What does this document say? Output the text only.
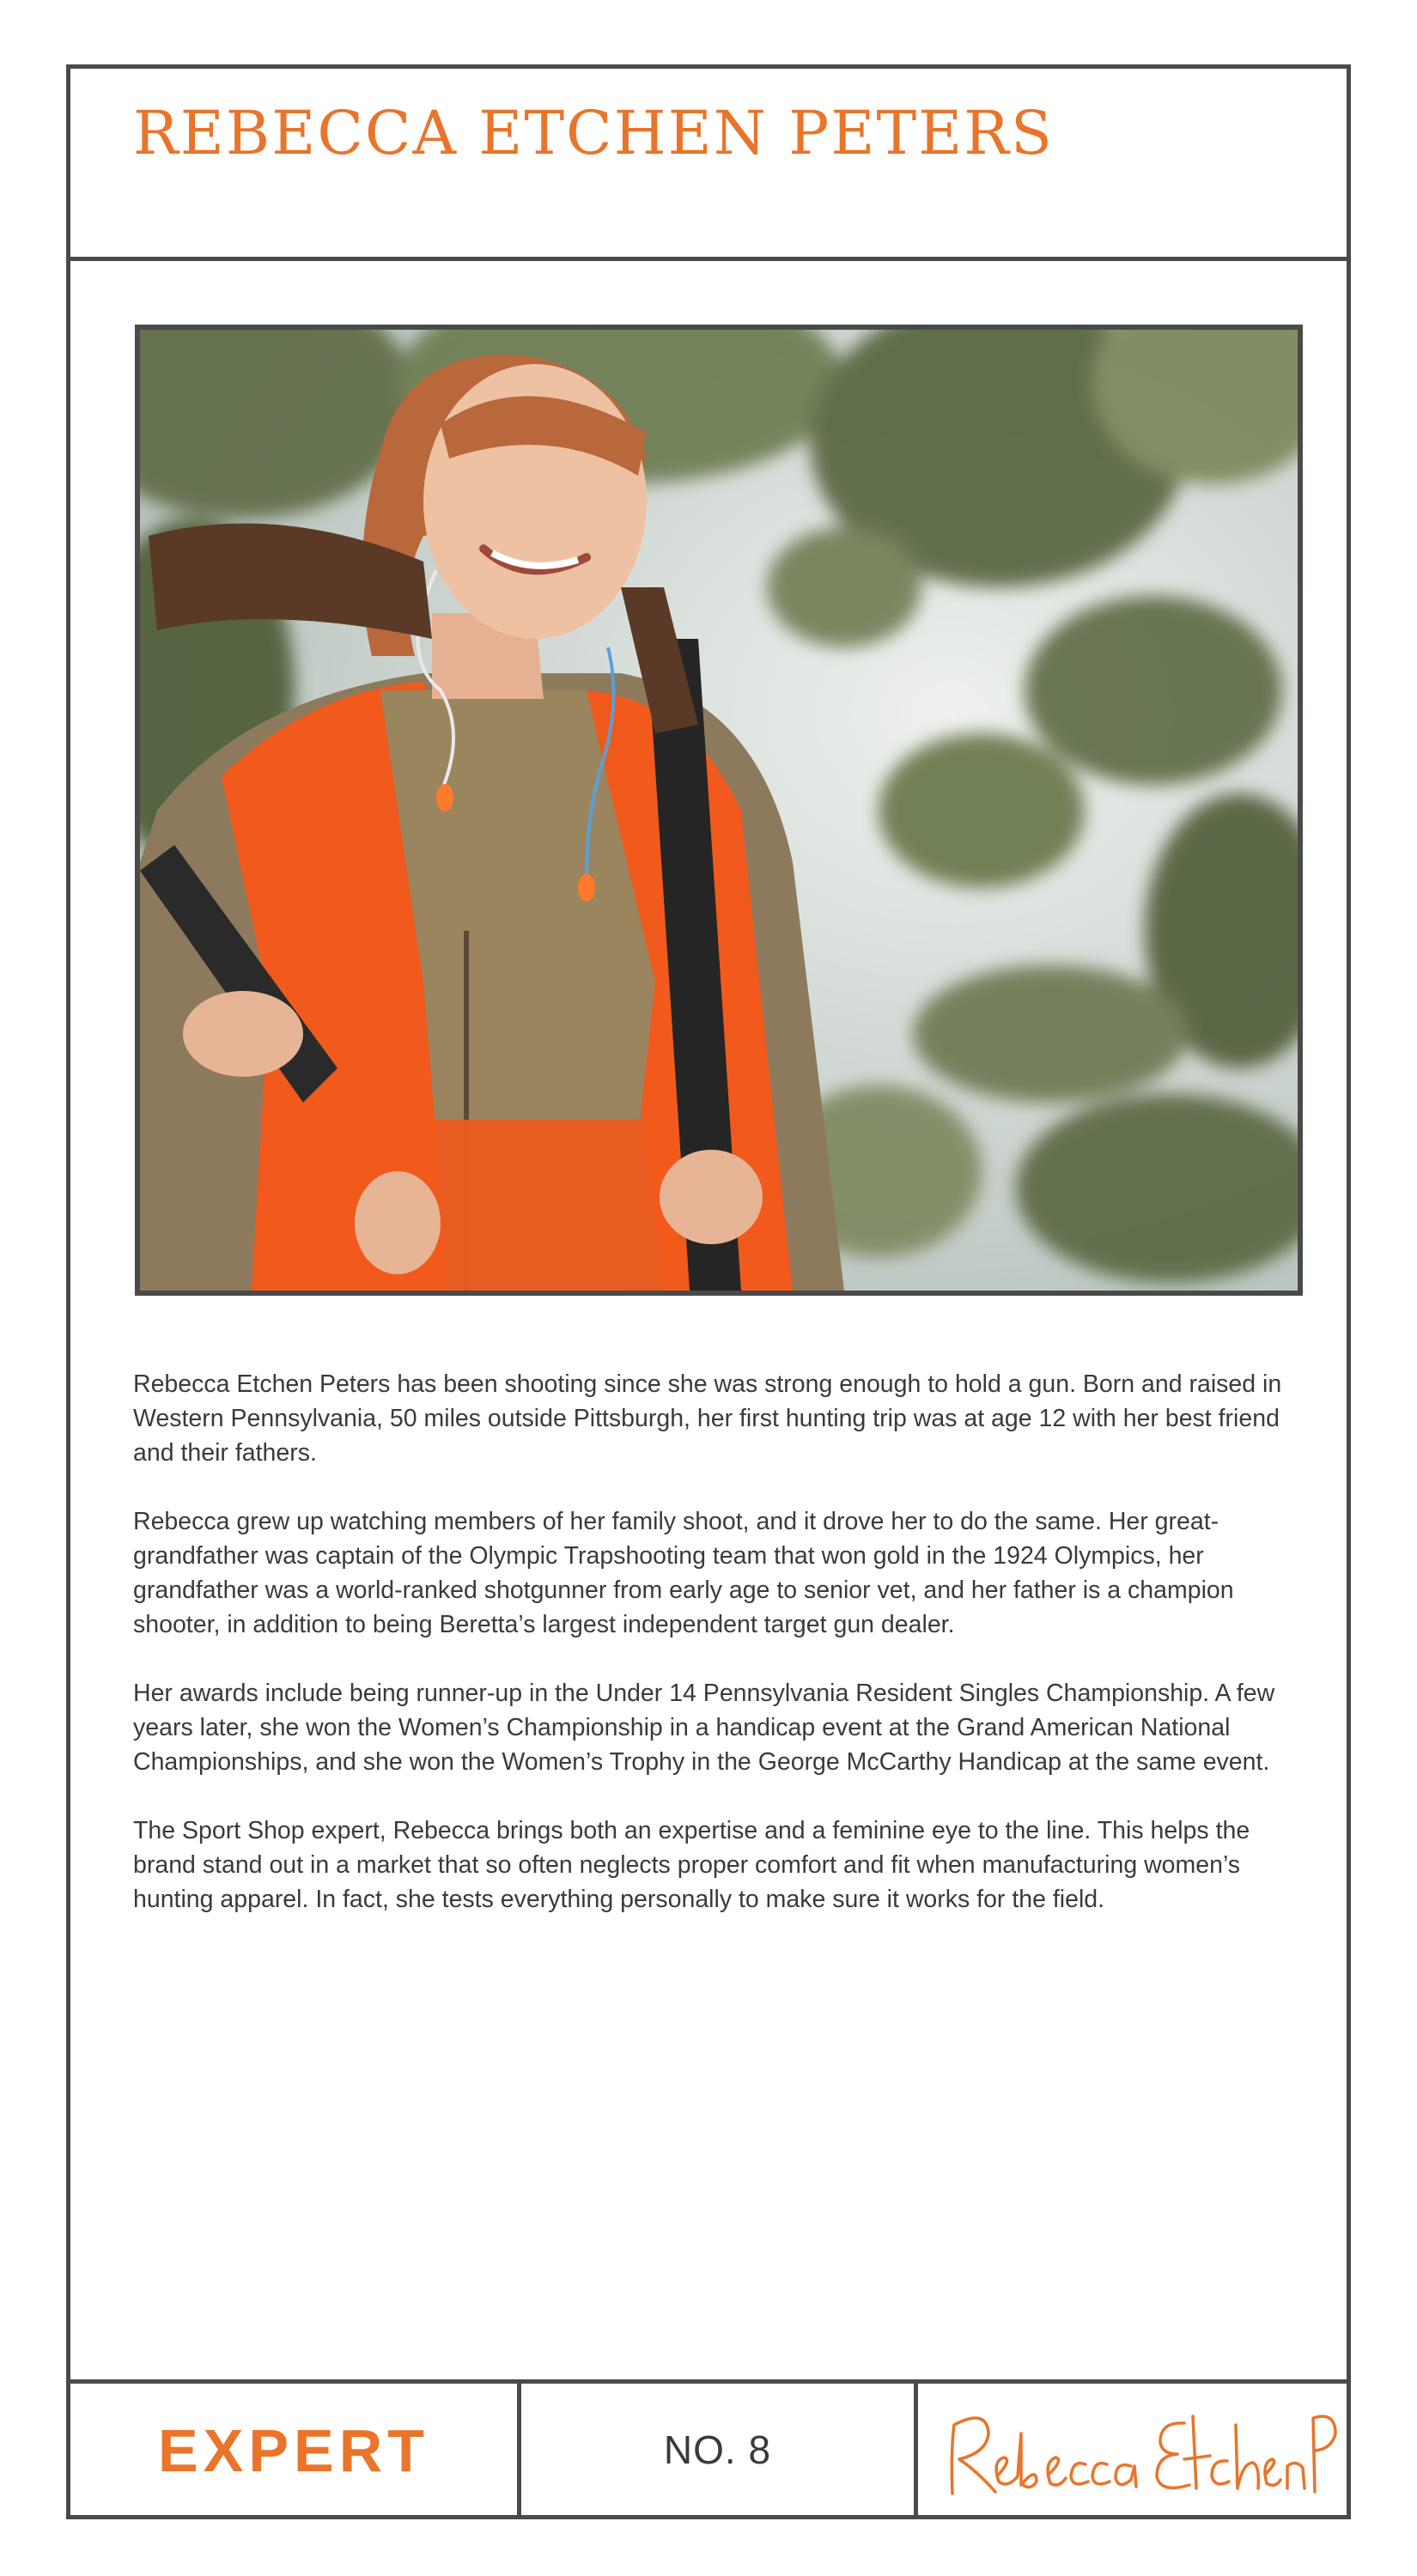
REBECCA ETCHEN PETERS

Rebecca Etchen Peters has been shooting since she was strong enough to hold a gun. Born and raised in Western Pennsylvania, 50 miles outside Pittsburgh, her first hunting trip was at age 12 with her best friend and their fathers.

Rebecca grew up watching members of her family shoot, and it drove her to do the same. Her great-grandfather was captain of the Olympic Trapshooting team that won gold in the 1924 Olympics, her grandfather was a world-ranked shotgunner from early age to senior vet, and her father is a champion shooter, in addition to being Beretta’s largest independent target gun dealer.

Her awards include being runner-up in the Under 14 Pennsylvania Resident Singles Championship. A few years later, she won the Women’s Championship in a handicap event at the Grand American National Championships, and she won the Women’s Trophy in the George McCarthy Handicap at the same event.

The Sport Shop expert, Rebecca brings both an expertise and a feminine eye to the line. This helps the brand stand out in a market that so often neglects proper comfort and fit when manufacturing women’s hunting apparel. In fact, she tests everything personally to make sure it works for the field.

EXPERT	NO. 8
